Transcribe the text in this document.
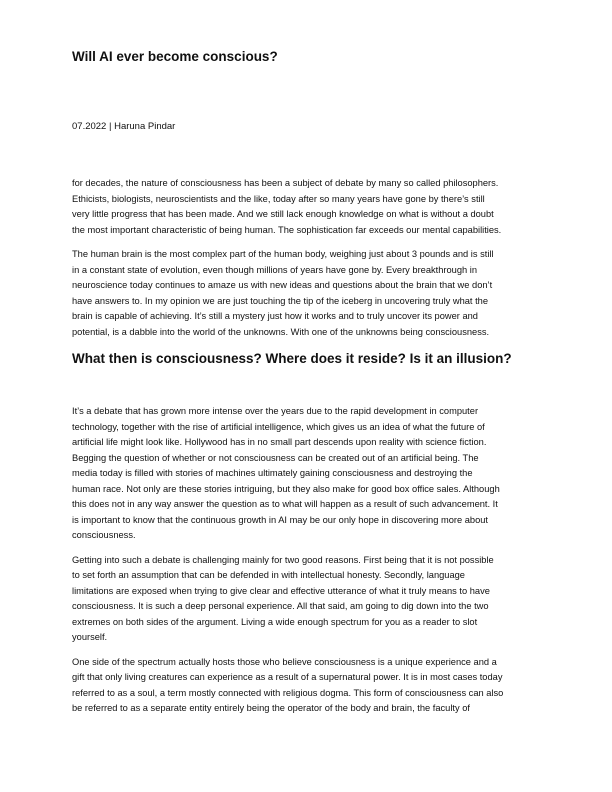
Will AI ever become conscious?
07.2022 | Haruna Pindar

for decades, the nature of consciousness has been a subject of debate by many so called philosophers.
Ethicists, biologists, neuroscientists and the like, today after so many years have gone by there’s still
very little progress that has been made. And we still lack enough knowledge on what is without a doubt
the most important characteristic of being human. The sophistication far exceeds our mental capabilities.

The human brain is the most complex part of the human body, weighing just about 3 pounds and is still
in a constant state of evolution, even though millions of years have gone by. Every breakthrough in
neuroscience today continues to amaze us with new ideas and questions about the brain that we don’t
have answers to. In my opinion we are just touching the tip of the iceberg in uncovering truly what the
brain is capable of achieving. It’s still a mystery just how it works and to truly uncover its power and
potential, is a dabble into the world of the unknowns. With one of the unknowns being consciousness.

What then is consciousness? Where does it reside? Is it an illusion?

It’s a debate that has grown more intense over the years due to the rapid development in computer
technology, together with the rise of artificial intelligence, which gives us an idea of what the future of
artificial life might look like. Hollywood has in no small part descends upon reality with science fiction.
Begging the question of whether or not consciousness can be created out of an artificial being. The
media today is filled with stories of machines ultimately gaining consciousness and destroying the
human race. Not only are these stories intriguing, but they also make for good box office sales. Although
this does not in any way answer the question as to what will happen as a result of such advancement. It
is important to know that the continuous growth in AI may be our only hope in discovering more about
consciousness.

Getting into such a debate is challenging mainly for two good reasons. First being that it is not possible
to set forth an assumption that can be defended in with intellectual honesty. Secondly, language
limitations are exposed when trying to give clear and effective utterance of what it truly means to have
consciousness. It is such a deep personal experience. All that said, am going to dig down into the two
extremes on both sides of the argument. Living a wide enough spectrum for you as a reader to slot
yourself.

One side of the spectrum actually hosts those who believe consciousness is a unique experience and a
gift that only living creatures can experience as a result of a supernatural power. It is in most cases today
referred to as a soul, a term mostly connected with religious dogma. This form of consciousness can also
be referred to as a separate entity entirely being the operator of the body and brain, the faculty of
